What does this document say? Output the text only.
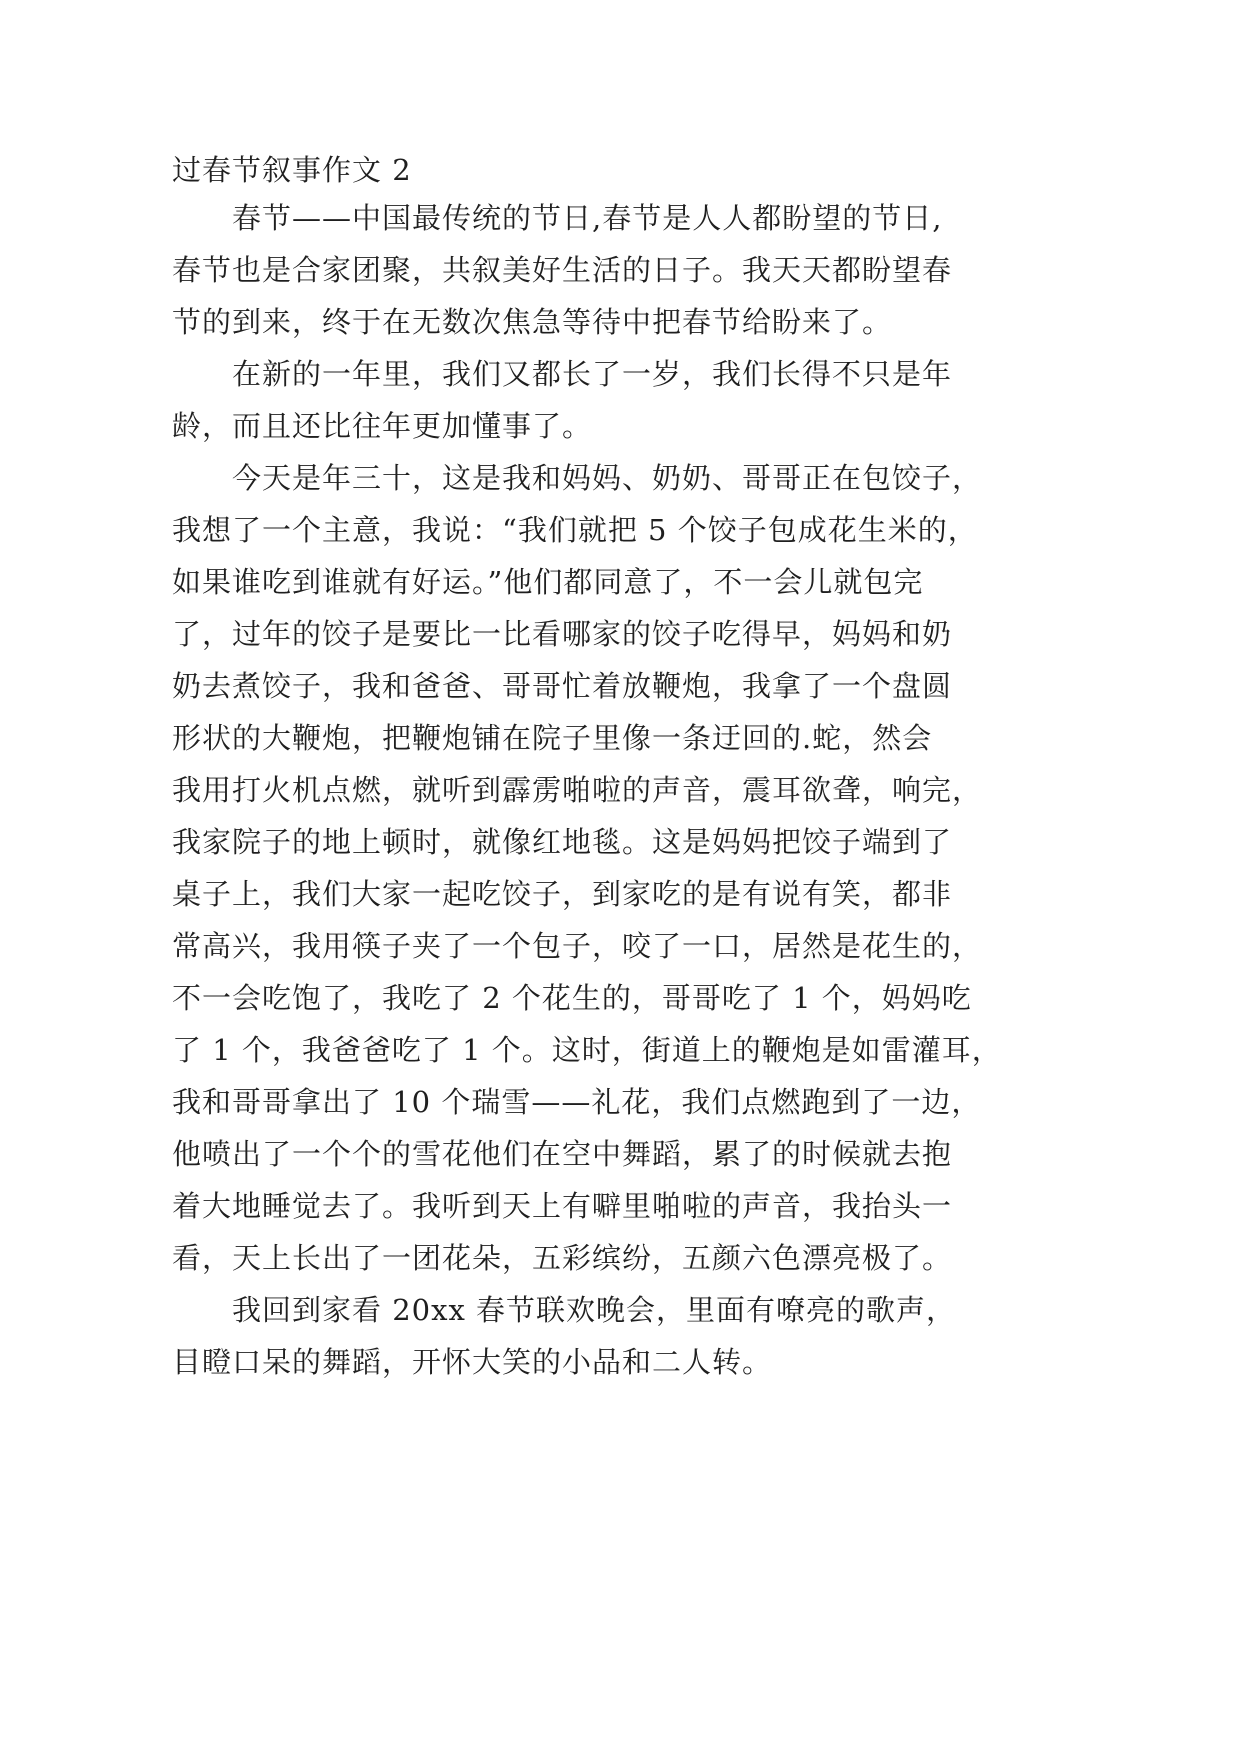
过春节叙事作文 2
春节——中国最传统的节日,春节是人人都盼望的节日,
春节也是合家团聚，共叙美好生活的日子。我天天都盼望春
节的到来，终于在无数次焦急等待中把春节给盼来了。
在新的一年里，我们又都长了一岁，我们长得不只是年
龄，而且还比往年更加懂事了。
今天是年三十，这是我和妈妈、奶奶、哥哥正在包饺子，
我想了一个主意，我说：“我们就把 5 个饺子包成花生米的，
如果谁吃到谁就有好运。”他们都同意了，不一会儿就包完
了，过年的饺子是要比一比看哪家的饺子吃得早，妈妈和奶
奶去煮饺子，我和爸爸、哥哥忙着放鞭炮，我拿了一个盘圆
形状的大鞭炮，把鞭炮铺在院子里像一条迂回的.蛇，然会
我用打火机点燃，就听到霹雳啪啦的声音，震耳欲聋，响完，
我家院子的地上顿时，就像红地毯。这是妈妈把饺子端到了
桌子上，我们大家一起吃饺子，到家吃的是有说有笑，都非
常高兴，我用筷子夹了一个包子，咬了一口，居然是花生的，
不一会吃饱了，我吃了 2 个花生的，哥哥吃了 1 个，妈妈吃
了 1 个，我爸爸吃了 1 个。这时，街道上的鞭炮是如雷灌耳，
我和哥哥拿出了 10 个瑞雪——礼花，我们点燃跑到了一边，
他喷出了一个个的雪花他们在空中舞蹈，累了的时候就去抱
着大地睡觉去了。我听到天上有噼里啪啦的声音，我抬头一
看，天上长出了一团花朵，五彩缤纷，五颜六色漂亮极了。
我回到家看 20xx 春节联欢晚会，里面有嘹亮的歌声，
目瞪口呆的舞蹈，开怀大笑的小品和二人转。
